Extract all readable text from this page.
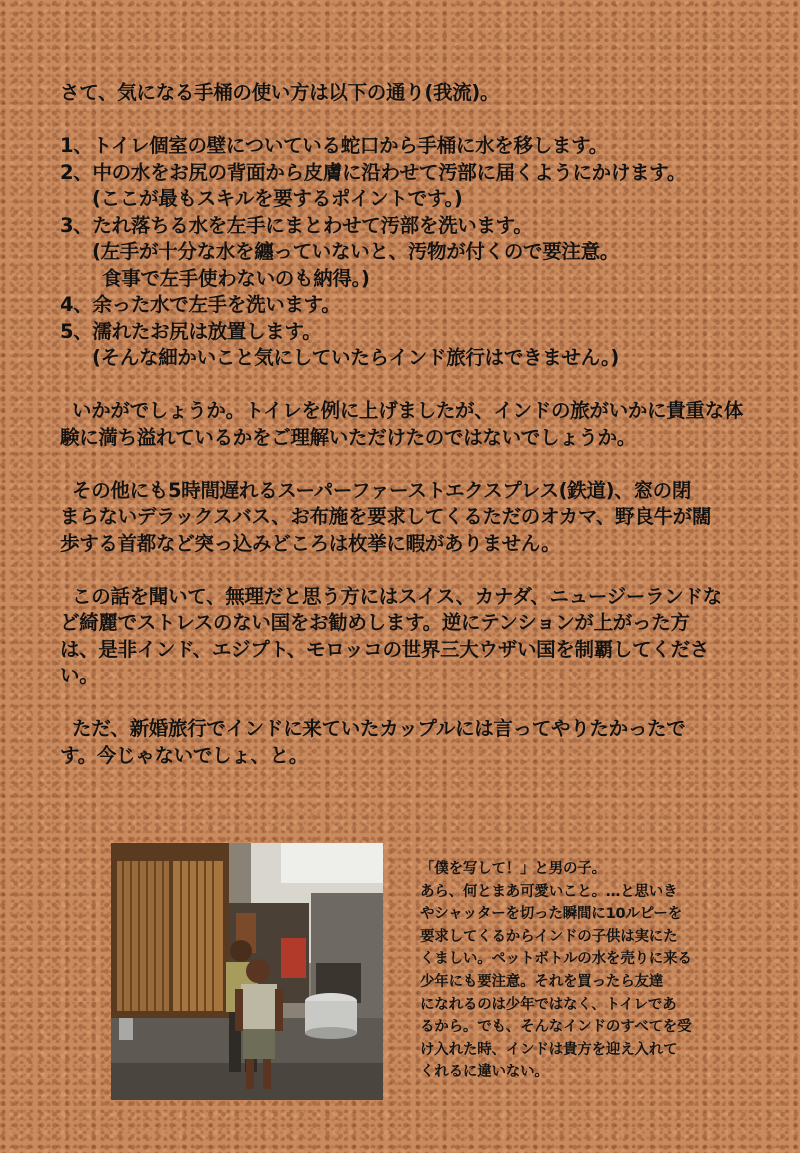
さて、気になる手桶の使い方は以下の通り(我流)。
1、トイレ個室の壁についている蛇口から手桶に水を移します。
2、中の水をお尻の背面から皮膚に沿わせて汚部に届くようにかけます。
(ここが最もスキルを要するポイントです。)
3、たれ落ちる水を左手にまとわせて汚部を洗います。
(左手が十分な水を纏っていないと、汚物が付くので要注意。
食事で左手使わないのも納得。)
4、余った水で左手を洗います。
5、濡れたお尻は放置します。
(そんな細かいこと気にしていたらインド旅行はできません。)
いかがでしょうか。トイレを例に上げましたが、インドの旅がいかに貴重な体
験に満ち溢れているかをご理解いただけたのではないでしょうか。
その他にも5時間遅れるスーパーファーストエクスプレス(鉄道)、窓の閉
まらないデラックスバス、お布施を要求してくるただのオカマ、野良牛が闊
歩する首都など突っ込みどころは枚挙に暇がありません。
この話を聞いて、無理だと思う方にはスイス、カナダ、ニュージーランドな
ど綺麗でストレスのない国をお勧めします。逆にテンションが上がった方
は、是非インド、エジプト、モロッコの世界三大ウザい国を制覇してくださ
い。
ただ、新婚旅行でインドに来ていたカップルには言ってやりたかったで
す。今じゃないでしょ、と。
「僕を写して！」と男の子。
あら、何とまあ可愛いこと。…と思いき
やシャッターを切った瞬間に10ルピーを
要求してくるからインドの子供は実にた
くましい。ペットボトルの水を売りに来る
少年にも要注意。それを買ったら友達
になれるのは少年ではなく、トイレであ
るから。でも、そんなインドのすべてを受
け入れた時、インドは貴方を迎え入れて
くれるに違いない。
